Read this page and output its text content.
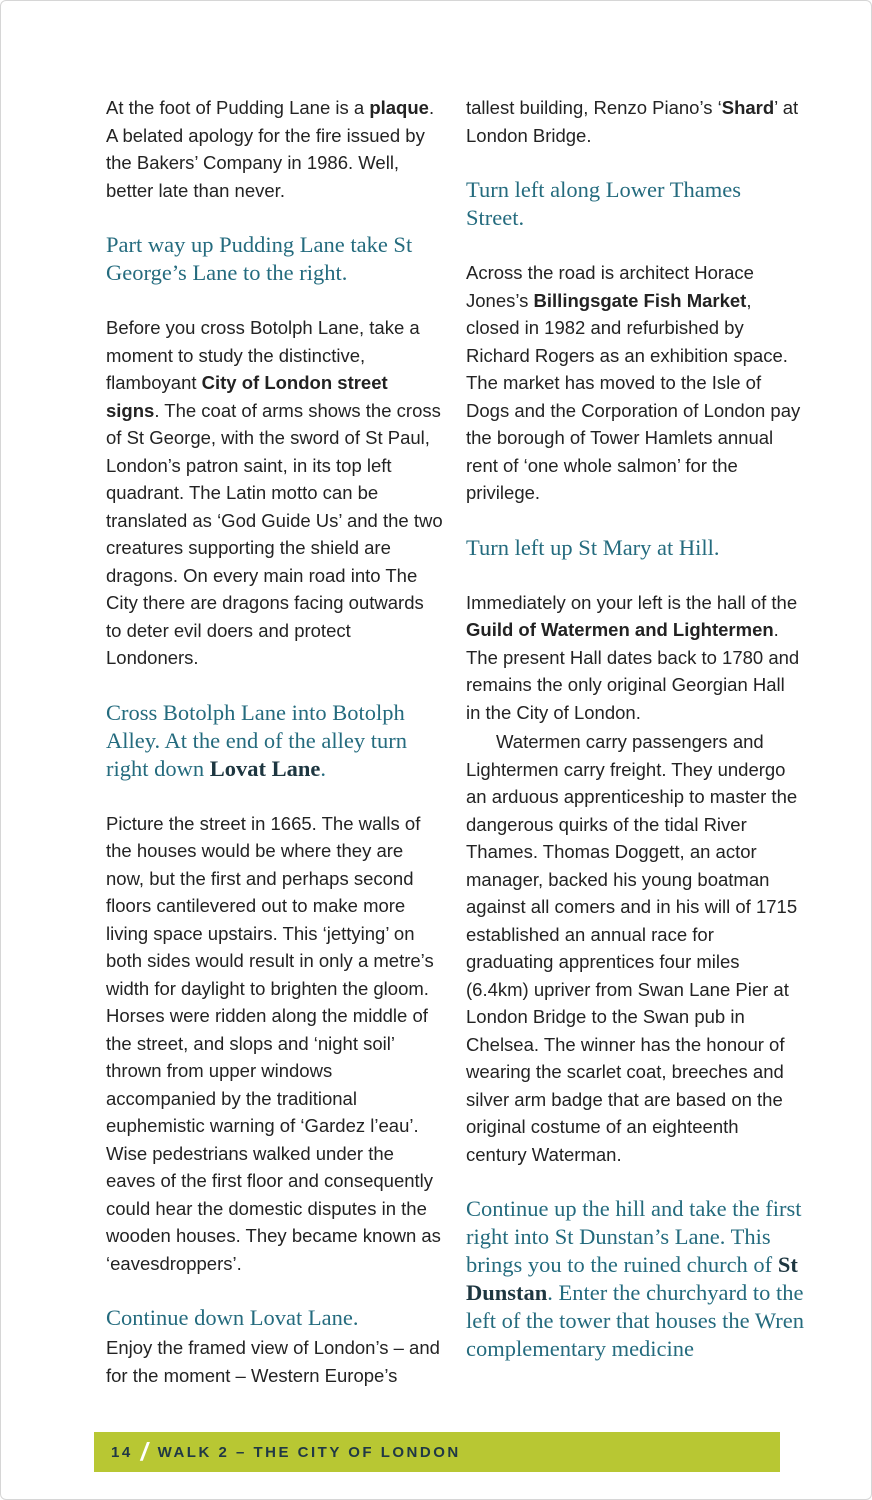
At the foot of Pudding Lane is a plaque. A belated apology for the fire issued by the Bakers’ Company in 1986. Well, better late than never.
Part way up Pudding Lane take St George’s Lane to the right.
Before you cross Botolph Lane, take a moment to study the distinctive, flamboyant City of London street signs. The coat of arms shows the cross of St George, with the sword of St Paul, London’s patron saint, in its top left quadrant. The Latin motto can be translated as ‘God Guide Us’ and the two creatures supporting the shield are dragons. On every main road into The City there are dragons facing outwards to deter evil doers and protect Londoners.
Cross Botolph Lane into Botolph Alley. At the end of the alley turn right down Lovat Lane.
Picture the street in 1665. The walls of the houses would be where they are now, but the first and perhaps second floors cantilevered out to make more living space upstairs. This ‘jettying’ on both sides would result in only a metre’s width for daylight to brighten the gloom. Horses were ridden along the middle of the street, and slops and ‘night soil’ thrown from upper windows accompanied by the traditional euphemistic warning of ‘Gardez l’eau’. Wise pedestrians walked under the eaves of the first floor and consequently could hear the domestic disputes in the wooden houses. They became known as ‘eavesdroppers’.
Continue down Lovat Lane.
Enjoy the framed view of London’s – and for the moment – Western Europe’s
tallest building, Renzo Piano’s ‘Shard’ at London Bridge.
Turn left along Lower Thames Street.
Across the road is architect Horace Jones’s Billingsgate Fish Market, closed in 1982 and refurbished by Richard Rogers as an exhibition space. The market has moved to the Isle of Dogs and the Corporation of London pay the borough of Tower Hamlets annual rent of ‘one whole salmon’ for the privilege.
Turn left up St Mary at Hill.
Immediately on your left is the hall of the Guild of Watermen and Lightermen. The present Hall dates back to 1780 and remains the only original Georgian Hall in the City of London.
Watermen carry passengers and Lightermen carry freight. They undergo an arduous apprenticeship to master the dangerous quirks of the tidal River Thames. Thomas Doggett, an actor manager, backed his young boatman against all comers and in his will of 1715 established an annual race for graduating apprentices four miles (6.4km) upriver from Swan Lane Pier at London Bridge to the Swan pub in Chelsea. The winner has the honour of wearing the scarlet coat, breeches and silver arm badge that are based on the original costume of an eighteenth century Waterman.
Continue up the hill and take the first right into St Dunstan’s Lane. This brings you to the ruined church of St Dunstan. Enter the churchyard to the left of the tower that houses the Wren complementary medicine
14 / WALK 2 – THE CITY OF LONDON
